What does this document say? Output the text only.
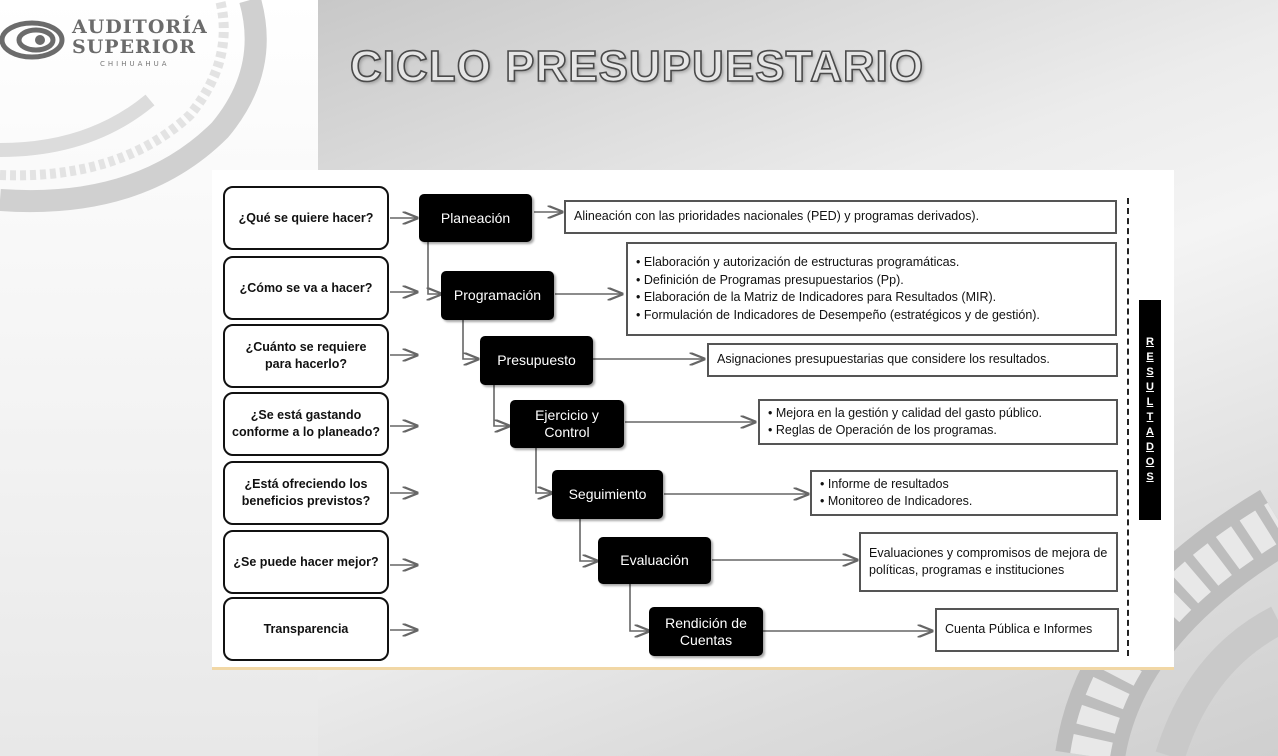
AUDITORÍA
SUPERIOR
CHIHUAHUA	CICLO PRESUPUESTARIO
¿Qué se quiere hacer?
¿Cómo se va a hacer?
¿Cuánto se requiere para hacerlo?
¿Se está gastando conforme a lo planeado?
¿Está ofreciendo los beneficios previstos?
¿Se puede hacer mejor?
Transparencia
Planeación
Programación
Presupuesto
Ejercicio y Control
Seguimiento
Evaluación
Rendición de Cuentas
Alineación con las prioridades nacionales (PED) y programas derivados).
• Elaboración y autorización de estructuras programáticas.
• Definición de Programas presupuestarios (Pp).
• Elaboración de la Matriz de Indicadores para Resultados (MIR).
• Formulación de Indicadores de Desempeño (estratégicos y de gestión).
Asignaciones presupuestarias que considere los resultados.
• Mejora en la gestión y calidad del gasto público.
• Reglas de Operación de los programas.
• Informe de resultados
• Monitoreo de Indicadores.
Evaluaciones y compromisos de mejora de políticas, programas e instituciones
Cuenta Pública e Informes
R
E
S
U
L
T
A
D
O
S
